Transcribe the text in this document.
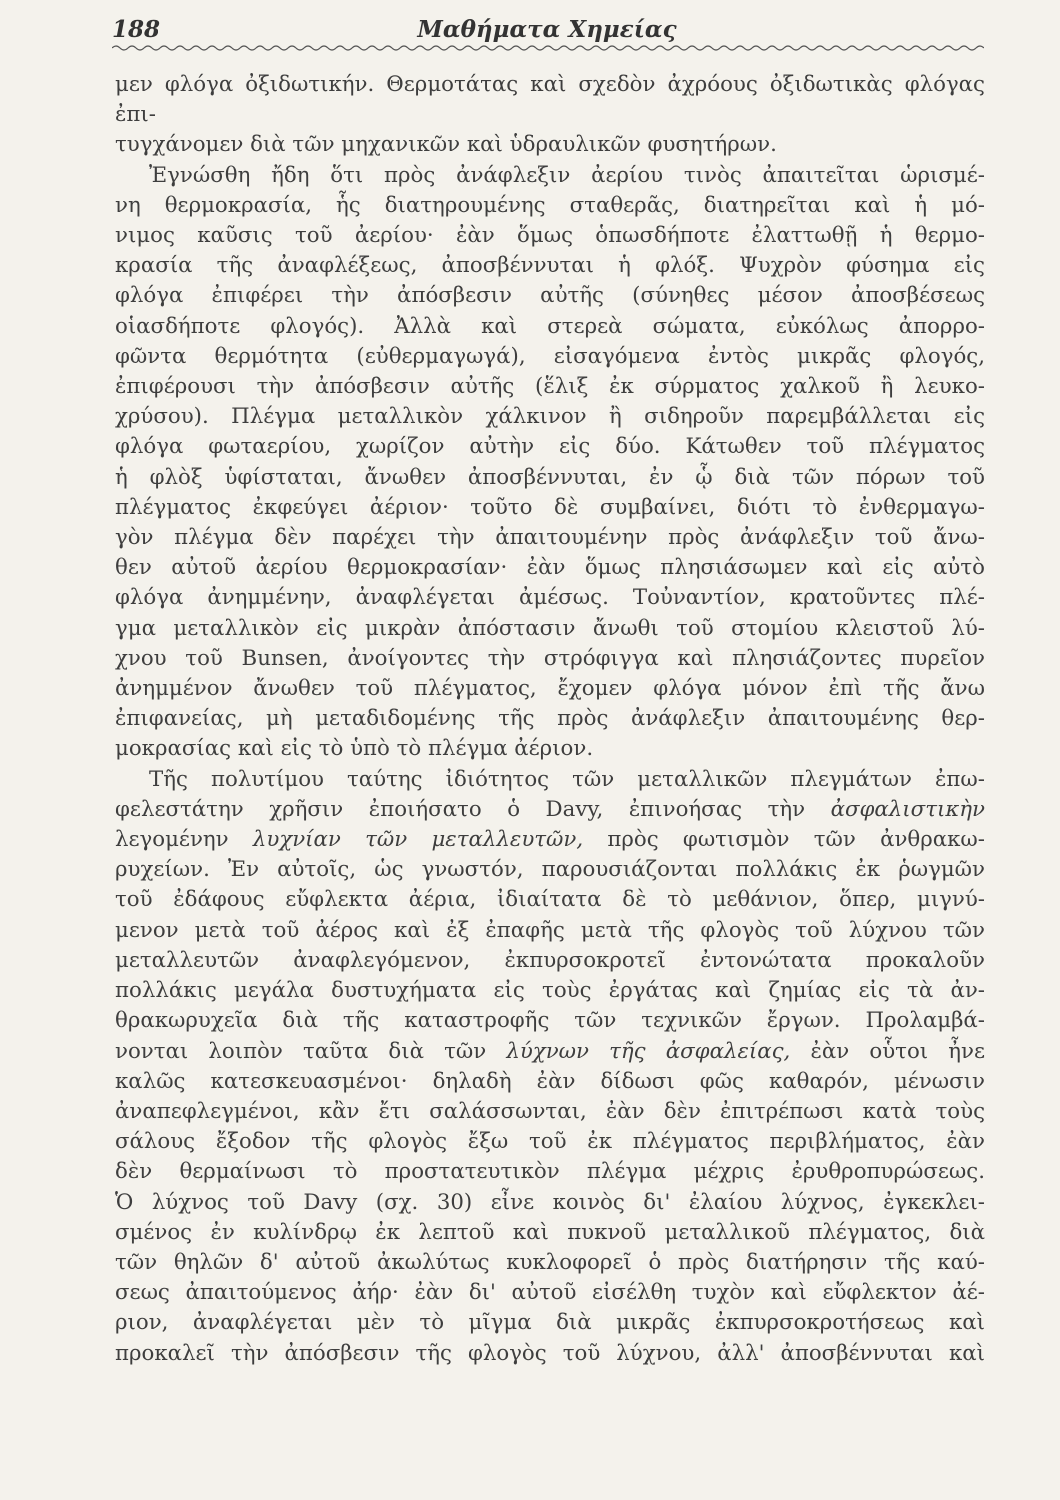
188	Μαθήματα Χημείας
μεν φλόγα ὀξιδωτικήν. Θερμοτάτας καὶ σχεδὸν ἀχρόους ὀξιδωτικὰς φλόγας ἐπι-
τυγχάνομεν διὰ τῶν μηχανικῶν καὶ ὑδραυλικῶν φυσητήρων.
Ἐγνώσθη ἤδη ὅτι πρὸς ἀνάφλεξιν ἀερίου τινὸς ἀπαιτεῖται ὡρισμέ-
νη θερμοκρασία, ἧς διατηρουμένης σταθερᾶς, διατηρεῖται καὶ ἡ μό-
νιμος καῦσις τοῦ ἀερίου· ἐὰν ὅμως ὁπωσδήποτε ἐλαττωθῇ ἡ θερμο-
κρασία τῆς ἀναφλέξεως, ἀποσβέννυται ἡ φλόξ. Ψυχρὸν φύσημα εἰς
φλόγα ἐπιφέρει τὴν ἀπόσβεσιν αὐτῆς (σύνηθες μέσον ἀποσβέσεως
οἱασδήποτε φλογός). Ἀλλὰ καὶ στερεὰ σώματα, εὐκόλως ἀπορρο-
φῶντα θερμότητα (εὐθερμαγωγά), εἰσαγόμενα ἐντὸς μικρᾶς φλογός,
ἐπιφέρουσι τὴν ἀπόσβεσιν αὐτῆς (ἕλιξ ἐκ σύρματος χαλκοῦ ἢ λευκο-
χρύσου). Πλέγμα μεταλλικὸν χάλκινον ἢ σιδηροῦν παρεμβάλλεται εἰς
φλόγα φωταερίου, χωρίζον αὐτὴν εἰς δύο. Κάτωθεν τοῦ πλέγματος
ἡ φλὸξ ὑφίσταται, ἄνωθεν ἀποσβέννυται, ἐν ᾧ διὰ τῶν πόρων τοῦ
πλέγματος ἐκφεύγει ἀέριον· τοῦτο δὲ συμβαίνει, διότι τὸ ἐνθερμαγω-
γὸν πλέγμα δὲν παρέχει τὴν ἀπαιτουμένην πρὸς ἀνάφλεξιν τοῦ ἄνω-
θεν αὐτοῦ ἀερίου θερμοκρασίαν· ἐὰν ὅμως πλησιάσωμεν καὶ εἰς αὐτὸ
φλόγα ἀνημμένην, ἀναφλέγεται ἀμέσως. Τοὐναντίον, κρατοῦντες πλέ-
γμα μεταλλικὸν εἰς μικρὰν ἀπόστασιν ἄνωθι τοῦ στομίου κλειστοῦ λύ-
χνου τοῦ Bunsen, ἀνοίγοντες τὴν στρόφιγγα καὶ πλησιάζοντες πυρεῖον
ἀνημμένον ἄνωθεν τοῦ πλέγματος, ἔχομεν φλόγα μόνον ἐπὶ τῆς ἄνω
ἐπιφανείας, μὴ μεταδιδομένης τῆς πρὸς ἀνάφλεξιν ἀπαιτουμένης θερ-
μοκρασίας καὶ εἰς τὸ ὑπὸ τὸ πλέγμα ἀέριον.
Τῆς πολυτίμου ταύτης ἰδιότητος τῶν μεταλλικῶν πλεγμάτων ἐπω-
φελεστάτην χρῆσιν ἐποιήσατο ὁ Davy, ἐπινοήσας τὴν ἀσφαλιστικὴν
λεγομένην λυχνίαν τῶν μεταλλευτῶν, πρὸς φωτισμὸν τῶν ἀνθρακω-
ρυχείων. Ἐν αὐτοῖς, ὡς γνωστόν, παρουσιάζονται πολλάκις ἐκ ῥωγμῶν
τοῦ ἐδάφους εὔφλεκτα ἀέρια, ἰδιαίτατα δὲ τὸ μεθάνιον, ὅπερ, μιγνύ-
μενον μετὰ τοῦ ἀέρος καὶ ἐξ ἐπαφῆς μετὰ τῆς φλογὸς τοῦ λύχνου τῶν
μεταλλευτῶν ἀναφλεγόμενον, ἐκπυρσοκροτεῖ ἐντονώτατα προκαλοῦν
πολλάκις μεγάλα δυστυχήματα εἰς τοὺς ἐργάτας καὶ ζημίας εἰς τὰ ἀν-
θρακωρυχεῖα διὰ τῆς καταστροφῆς τῶν τεχνικῶν ἔργων. Προλαμβά-
νονται λοιπὸν ταῦτα διὰ τῶν λύχνων τῆς ἀσφαλείας, ἐὰν οὗτοι ἦνε
καλῶς κατεσκευασμένοι· δηλαδὴ ἐὰν δίδωσι φῶς καθαρόν, μένωσιν
ἀναπεφλεγμένοι, κἂν ἔτι σαλάσσωνται, ἐὰν δὲν ἐπιτρέπωσι κατὰ τοὺς
σάλους ἔξοδον τῆς φλογὸς ἔξω τοῦ ἐκ πλέγματος περιβλήματος, ἐὰν
δὲν θερμαίνωσι τὸ προστατευτικὸν πλέγμα μέχρις ἐρυθροπυρώσεως.
Ὁ λύχνος τοῦ Davy (σχ. 30) εἶνε κοινὸς δι' ἐλαίου λύχνος, ἐγκεκλει-
σμένος ἐν κυλίνδρῳ ἐκ λεπτοῦ καὶ πυκνοῦ μεταλλικοῦ πλέγματος, διὰ
τῶν θηλῶν δ' αὐτοῦ ἀκωλύτως κυκλοφορεῖ ὁ πρὸς διατήρησιν τῆς καύ-
σεως ἀπαιτούμενος ἀήρ· ἐὰν δι' αὐτοῦ εἰσέλθη τυχὸν καὶ εὔφλεκτον ἀέ-
ριον, ἀναφλέγεται μὲν τὸ μῖγμα διὰ μικρᾶς ἐκπυρσοκροτήσεως καὶ
προκαλεῖ τὴν ἀπόσβεσιν τῆς φλογὸς τοῦ λύχνου, ἀλλ' ἀποσβέννυται καὶ
